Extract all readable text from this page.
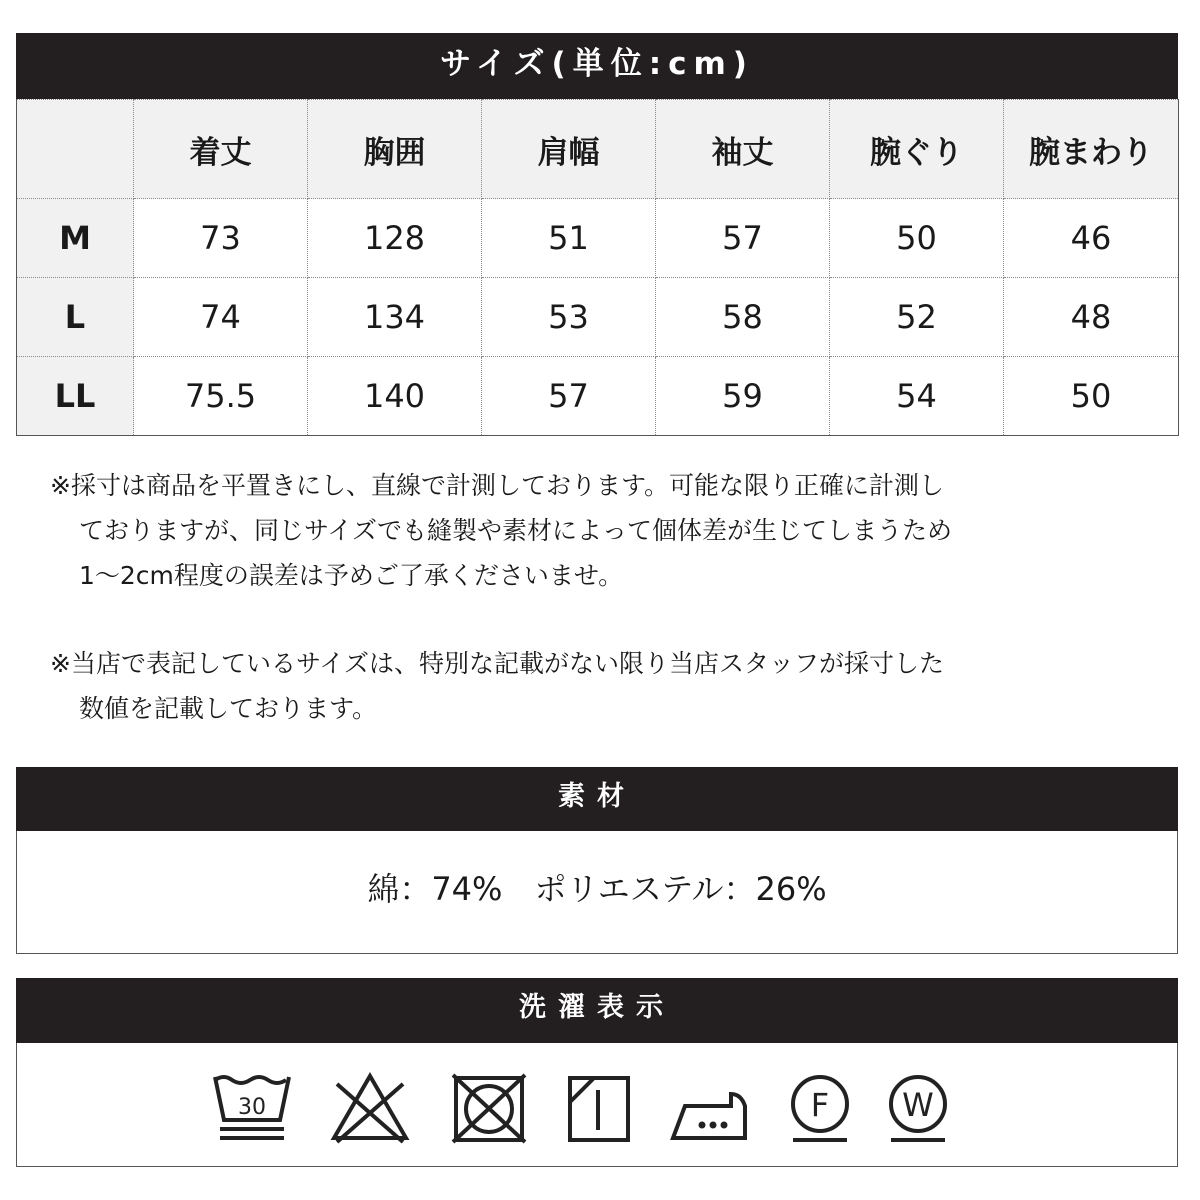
サイズ(単位:cm)
	着丈	胸囲	肩幅	袖丈	腕ぐり	腕まわり
M	73	128	51	57	50	46
L	74	134	53	58	52	48
LL	75.5	140	57	59	54	50
※採寸は商品を平置きにし、直線で計測しております。可能な限り正確に計測し
ておりますが、同じサイズでも縫製や素材によって個体差が生じてしまうため
1～2cm程度の誤差は予めご了承くださいませ。
※当店で表記しているサイズは、特別な記載がない限り当店スタッフが採寸した
数値を記載しております。
素材
綿：74%　ポリエステル：26%
洗濯表示
30	F W
